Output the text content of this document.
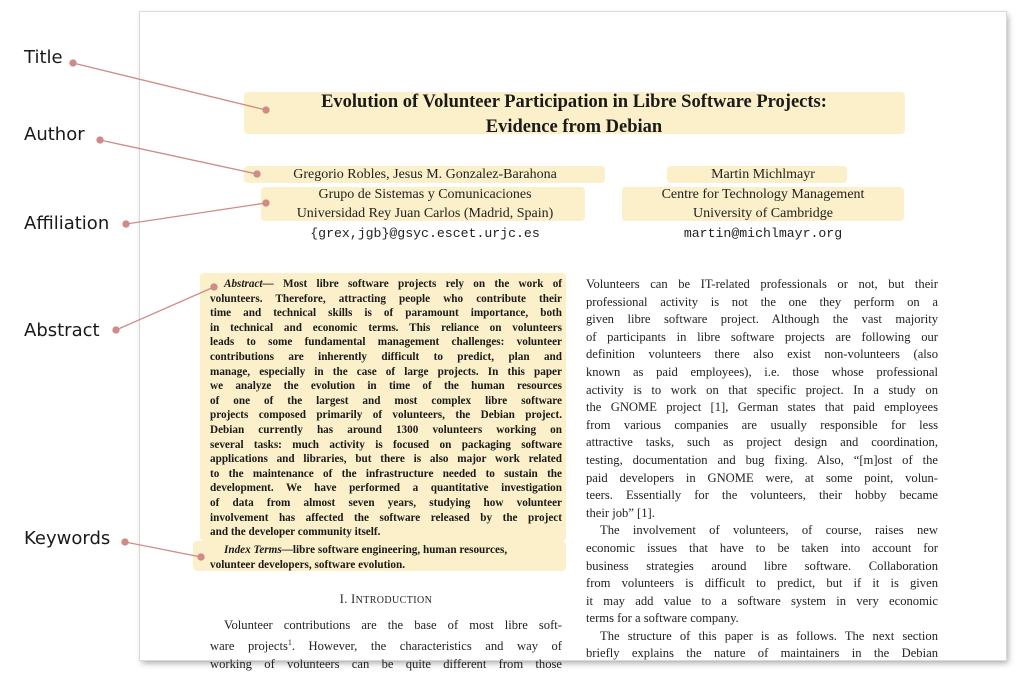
Title
Author
Affiliation
Abstract
Keywords
Evolution of Volunteer Participation in Libre Software Projects:
Evidence from Debian
Gregorio Robles, Jesus M. Gonzalez-Barahona
Grupo de Sistemas y Comunicaciones
Universidad Rey Juan Carlos (Madrid, Spain)
{grex,jgb}@gsyc.escet.urjc.es
Martin Michlmayr
Centre for Technology Management
University of Cambridge
martin@michlmayr.org
Abstract— Most libre software projects rely on the work of
volunteers. Therefore, attracting people who contribute their
time and technical skills is of paramount importance, both
in technical and economic terms. This reliance on volunteers
leads to some fundamental management challenges: volunteer
contributions are inherently difficult to predict, plan and
manage, especially in the case of large projects. In this paper
we analyze the evolution in time of the human resources
of one of the largest and most complex libre software
projects composed primarily of volunteers, the Debian project.
Debian currently has around 1300 volunteers working on
several tasks: much activity is focused on packaging software
applications and libraries, but there is also major work related
to the maintenance of the infrastructure needed to sustain the
development. We have performed a quantitative investigation
of data from almost seven years, studying how volunteer
involvement has affected the software released by the project
and the developer community itself.
Index Terms—libre software engineering, human resources,
volunteer developers, software evolution.
I. INTRODUCTION
Volunteer contributions are the base of most libre soft-
ware projects$^1$. However, the characteristics and way of
working of volunteers can be quite different from those
Volunteers can be IT-related professionals or not, but their
professional activity is not the one they perform on a
given libre software project. Although the vast majority
of participants in libre software projects are following our
definition volunteers there also exist non-volunteers (also
known as paid employees), i.e. those whose professional
activity is to work on that specific project. In a study on
the GNOME project [1], German states that paid employees
from various companies are usually responsible for less
attractive tasks, such as project design and coordination,
testing, documentation and bug fixing. Also, “[m]ost of the
paid developers in GNOME were, at some point, volun-
teers. Essentially for the volunteers, their hobby became
their job” [1].
The involvement of volunteers, of course, raises new
economic issues that have to be taken into account for
business strategies around libre software. Collaboration
from volunteers is difficult to predict, but if it is given
it may add value to a software system in very economic
terms for a software company.
The structure of this paper is as follows. The next section
briefly explains the nature of maintainers in the Debian
